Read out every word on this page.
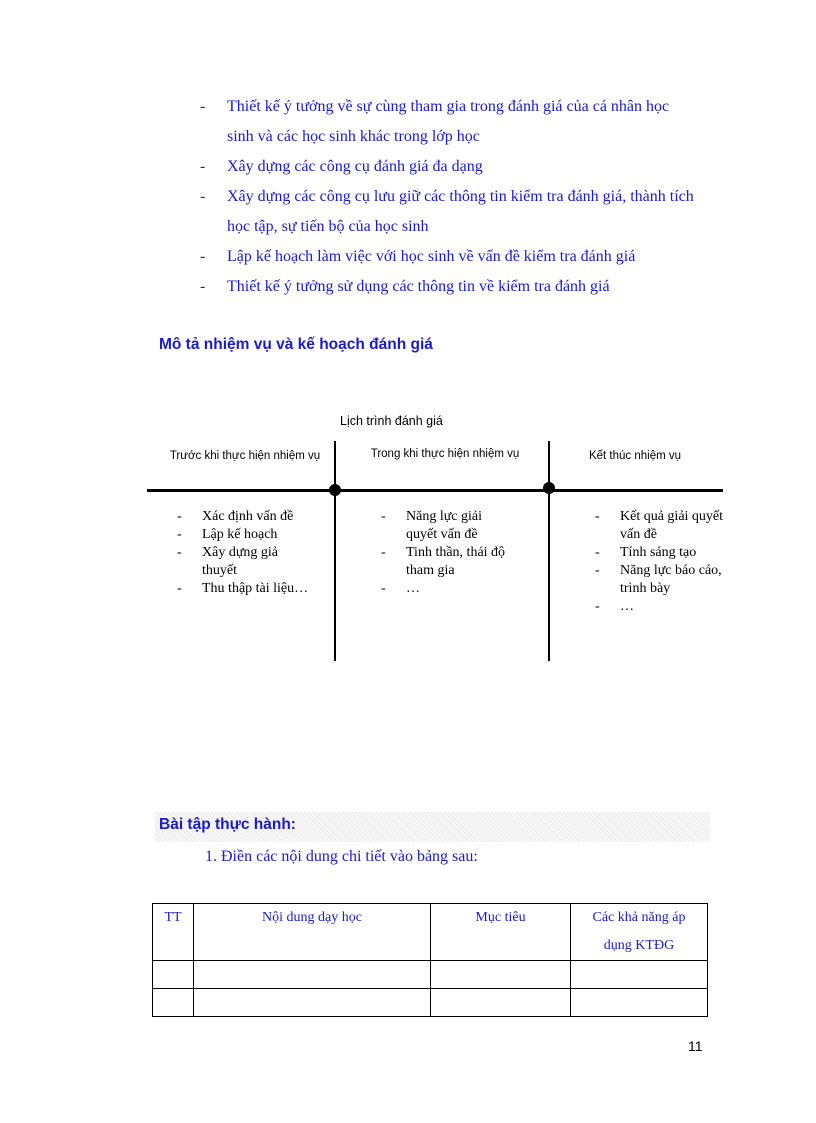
- Thiết kế ý tưởng về sự cùng tham gia trong đánh giá của cá nhân học
sinh và các học sinh khác trong lớp học
- Xây dựng các công cụ đánh giá đa dạng
- Xây dựng các công cụ lưu giữ các thông tin kiểm tra đánh giá, thành tích
học tập, sự tiến bộ của học sinh
- Lập kế hoạch làm việc với học sinh về vấn đề kiểm tra đánh giá
- Thiết kế ý tưởng sử dụng các thông tin về kiểm tra đánh giá
Mô tả nhiệm vụ và kế hoạch đánh giá
Lịch trình đánh giá
Trước khi thực hiện nhiệm vụ	Trong khi thực hiện nhiệm vụ	Kết thúc nhiệm vụ
- Xác định vấn đề
- Lập kế hoạch
- Xây dựng giả
thuyết
- Thu thập tài liệu…
- Năng lực giải
quyết vấn đề
- Tinh thần, thái độ
tham gia
- …
- Kết quả giải quyết
vấn đề
- Tính sáng tạo
- Năng lực báo cáo,
trình bày
- …
Bài tập thực hành:
1. Điền các nội dung chi tiết vào bảng sau:
TT	Nội dung dạy học	Mục tiêu	Các khả năng áp dụng KTĐG

11
